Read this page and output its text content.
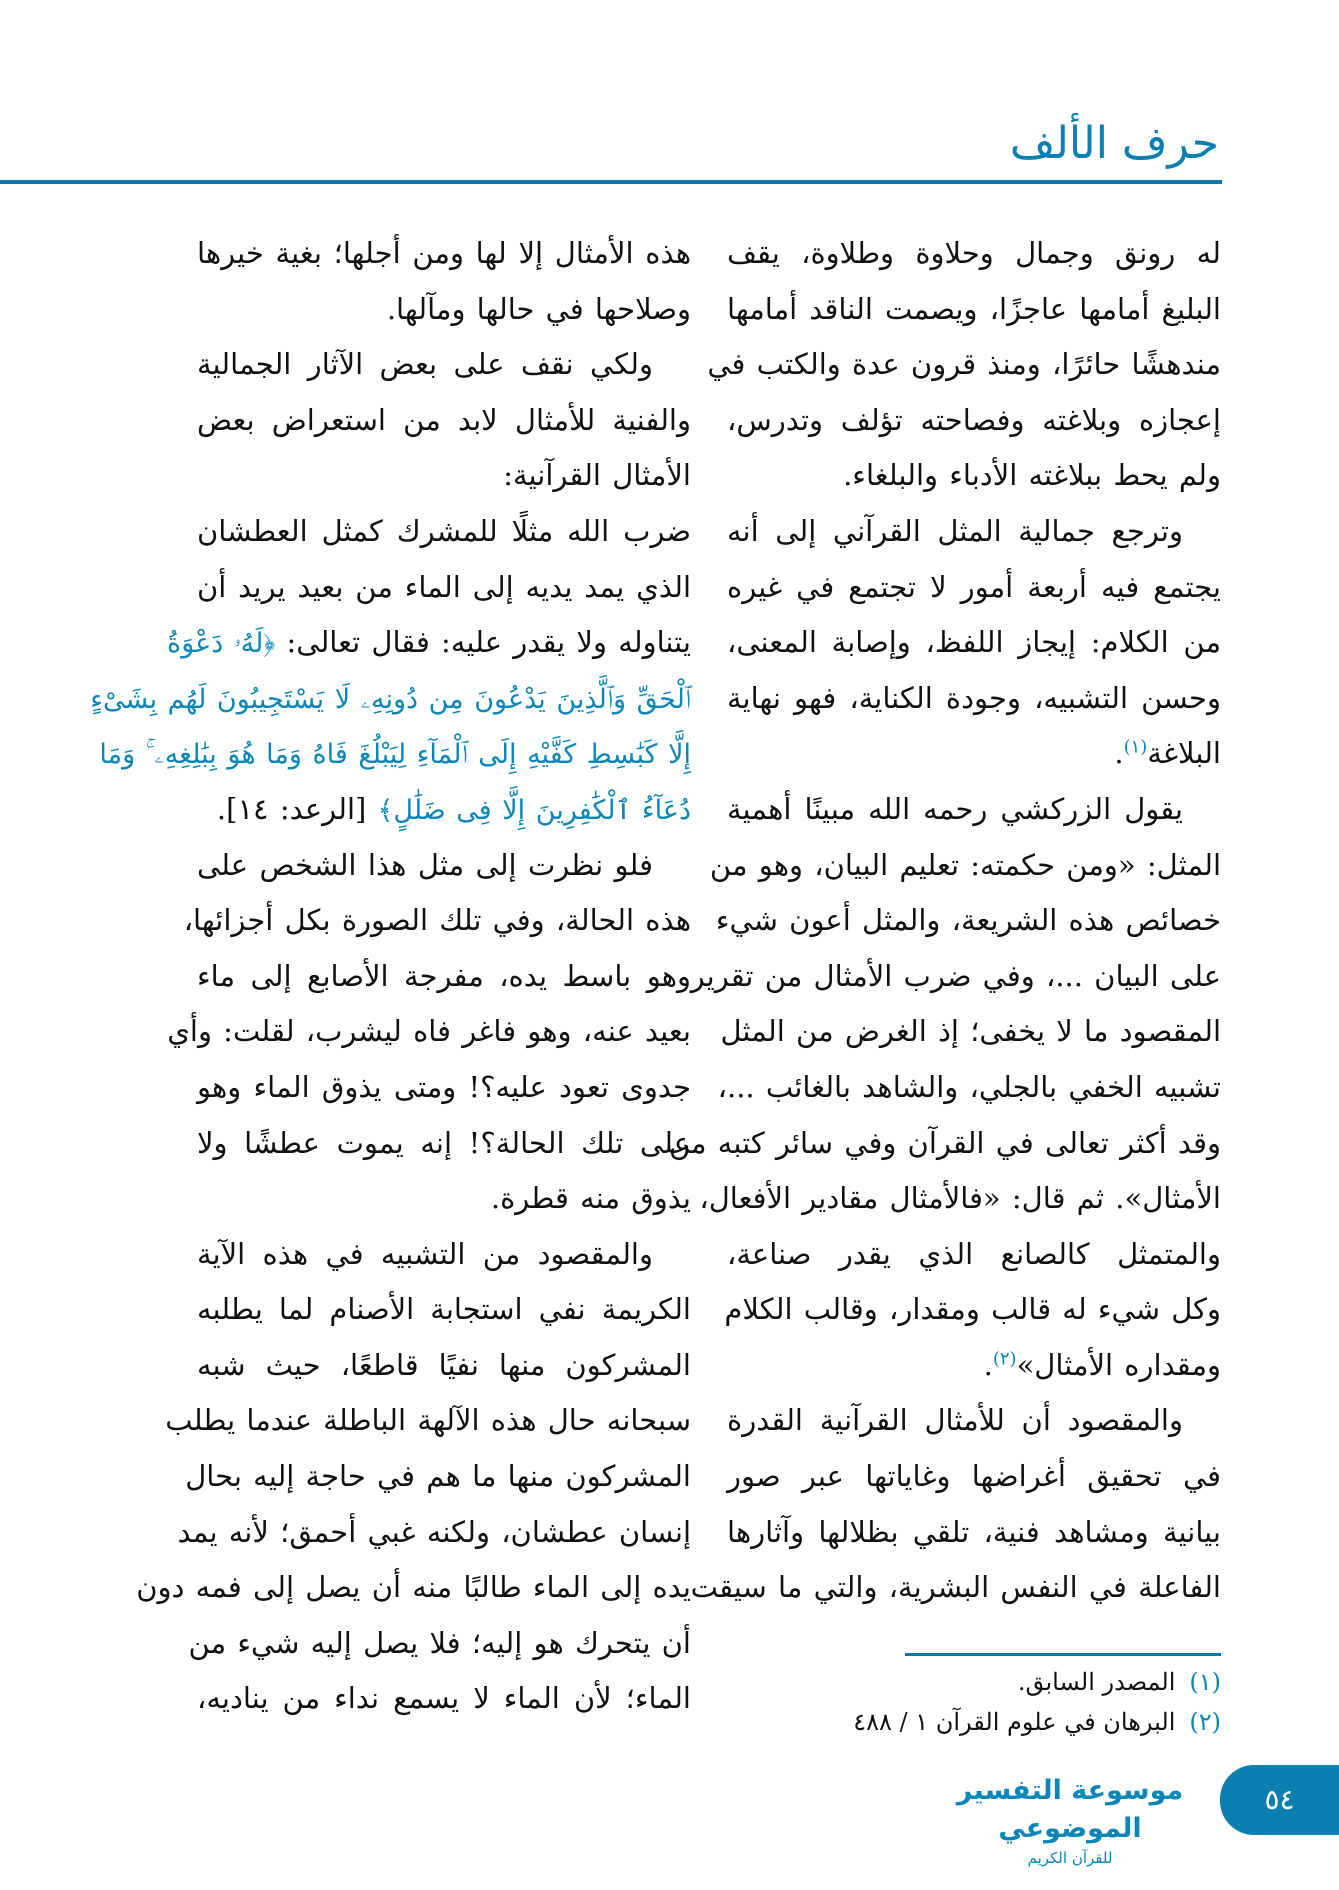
حرف الألف
له رونق وجمال وحلاوة وطلاوة، يقف
البليغ أمامها عاجزًا، ويصمت الناقد أمامها
مندهشًا حائرًا، ومنذ قرون عدة والكتب في
إعجازه وبلاغته وفصاحته تؤلف وتدرس،
ولم يحط ببلاغته الأدباء والبلغاء.
وترجع جمالية المثل القرآني إلى أنه
يجتمع فيه أربعة أمور لا تجتمع في غيره
من الكلام: إيجاز اللفظ، وإصابة المعنى،
وحسن التشبيه، وجودة الكناية، فهو نهاية
البلاغة$^{(١)}$.
يقول الزركشي رحمه الله مبينًا أهمية
المثل: «ومن حكمته: تعليم البيان، وهو من
خصائص هذه الشريعة، والمثل أعون شيء
على البيان ...، وفي ضرب الأمثال من تقرير
المقصود ما لا يخفى؛ إذ الغرض من المثل
تشبيه الخفي بالجلي، والشاهد بالغائب ...،
وقد أكثر تعالى في القرآن وفي سائر كتبه من
الأمثال». ثم قال: «فالأمثال مقادير الأفعال،
والمتمثل كالصانع الذي يقدر صناعة،
وكل شيء له قالب ومقدار، وقالب الكلام
ومقداره الأمثال»$^{(٢)}$.
والمقصود أن للأمثال القرآنية القدرة
في تحقيق أغراضها وغاياتها عبر صور
بيانية ومشاهد فنية، تلقي بظلالها وآثارها
الفاعلة في النفس البشرية، والتي ما سيقت
هذه الأمثال إلا لها ومن أجلها؛ بغية خيرها
وصلاحها في حالها ومآلها.
ولكي نقف على بعض الآثار الجمالية
والفنية للأمثال لابد من استعراض بعض
الأمثال القرآنية:
ضرب الله مثلًا للمشرك كمثل العطشان
الذي يمد يديه إلى الماء من بعيد يريد أن
يتناوله ولا يقدر عليه: فقال تعالى: ﴿لَهُۥ دَعْوَةُ
ٱلْحَقِّ وَٱلَّذِينَ يَدْعُونَ مِن دُونِهِۦ لَا يَسْتَجِيبُونَ لَهُم بِشَىْءٍ
إِلَّا كَبَٰسِطِ كَفَّيْهِ إِلَى ٱلْمَآءِ لِيَبْلُغَ فَاهُ وَمَا هُوَ بِبَٰلِغِهِۦ ۚ وَمَا
دُعَآءُ ٱلْكَٰفِرِينَ إِلَّا فِى ضَلَٰلٍ﴾ [الرعد: ١٤].
فلو نظرت إلى مثل هذا الشخص على
هذه الحالة، وفي تلك الصورة بكل أجزائها،
وهو باسط يده، مفرجة الأصابع إلى ماء
بعيد عنه، وهو فاغر فاه ليشرب، لقلت: وأي
جدوى تعود عليه؟! ومتى يذوق الماء وهو
على تلك الحالة؟! إنه يموت عطشًا ولا
يذوق منه قطرة.
والمقصود من التشبيه في هذه الآية
الكريمة نفي استجابة الأصنام لما يطلبه
المشركون منها نفيًا قاطعًا، حيث شبه
سبحانه حال هذه الآلهة الباطلة عندما يطلب
المشركون منها ما هم في حاجة إليه بحال
إنسان عطشان، ولكنه غبي أحمق؛ لأنه يمد
يده إلى الماء طالبًا منه أن يصل إلى فمه دون
أن يتحرك هو إليه؛ فلا يصل إليه شيء من
الماء؛ لأن الماء لا يسمع نداء من يناديه،	(١)المصدر السابق.
(٢)البرهان في علوم القرآن ١ / ٤٨٨
موسوعة التفسير الموضوعي
للقرآن الكريم
٥٤
